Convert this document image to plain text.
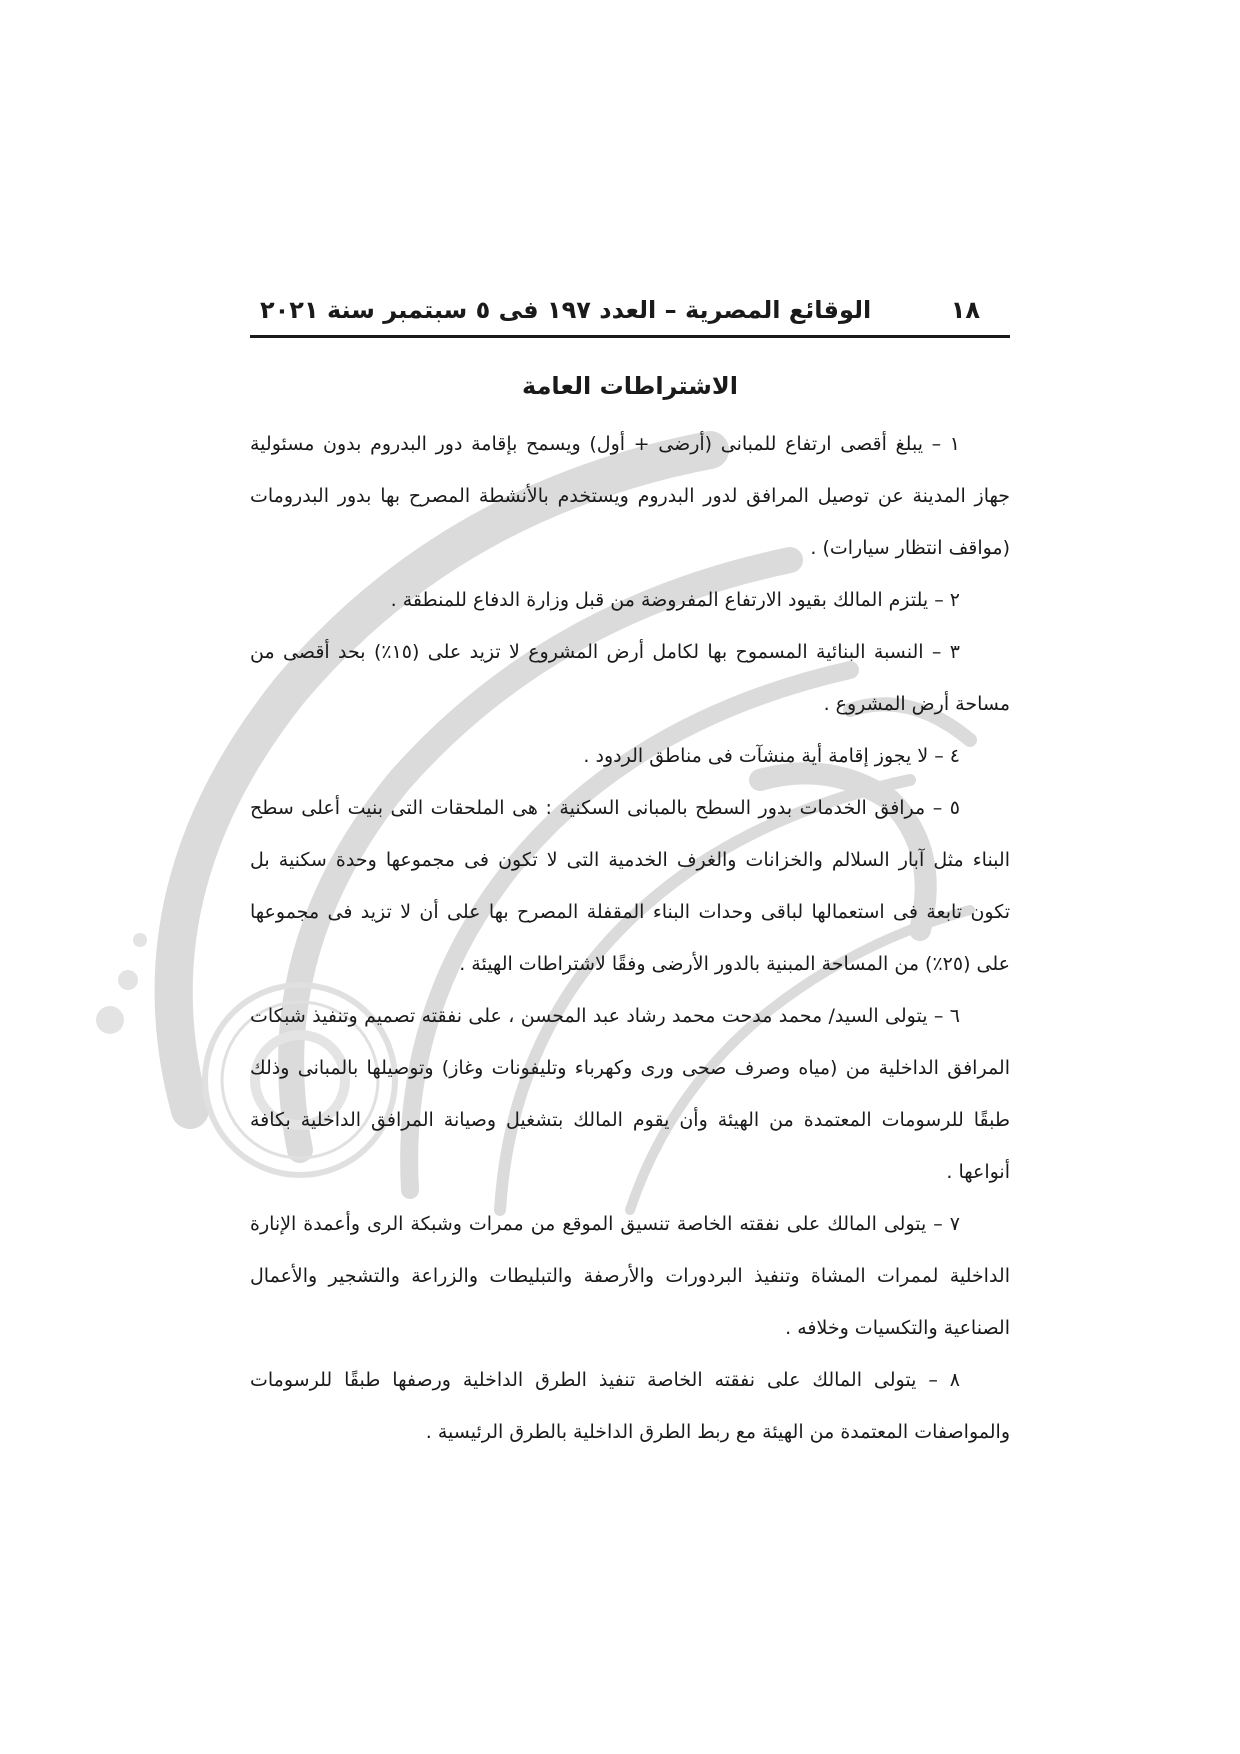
١٨
الوقائع المصرية – العدد ١٩٧ فى ٥ سبتمبر سنة ٢٠٢١
الاشتراطات العامة

١ – يبلغ أقصى ارتفاع للمبانى (أرضى + أول) ويسمح بإقامة دور البدروم بدون مسئولية جهاز المدينة عن توصيل المرافق لدور البدروم ويستخدم بالأنشطة المصرح بها بدور البدرومات (مواقف انتظار سيارات) .

٢ – يلتزم المالك بقيود الارتفاع المفروضة من قبل وزارة الدفاع للمنطقة .

٣ – النسبة البنائية المسموح بها لكامل أرض المشروع لا تزيد على (١٥٪) بحد أقصى من مساحة أرض المشروع .

٤ – لا يجوز إقامة أية منشآت فى مناطق الردود .

٥ – مرافق الخدمات بدور السطح بالمبانى السكنية : هى الملحقات التى بنيت أعلى سطح البناء مثل آبار السلالم والخزانات والغرف الخدمية التى لا تكون فى مجموعها وحدة سكنية بل تكون تابعة فى استعمالها لباقى وحدات البناء المقفلة المصرح بها على أن لا تزيد فى مجموعها على (٢٥٪) من المساحة المبنية بالدور الأرضى وفقًا لاشتراطات الهيئة .

٦ – يتولى السيد/ محمد مدحت محمد رشاد عبد المحسن ، على نفقته تصميم وتنفيذ شبكات المرافق الداخلية من (مياه وصرف صحى ورى وكهرباء وتليفونات وغاز) وتوصيلها بالمبانى وذلك طبقًا للرسومات المعتمدة من الهيئة وأن يقوم المالك بتشغيل وصيانة المرافق الداخلية بكافة أنواعها .

٧ – يتولى المالك على نفقته الخاصة تنسيق الموقع من ممرات وشبكة الرى وأعمدة الإنارة الداخلية لممرات المشاة وتنفيذ البردورات والأرصفة والتبليطات والزراعة والتشجير والأعمال الصناعية والتكسيات وخلافه .

٨ – يتولى المالك على نفقته الخاصة تنفيذ الطرق الداخلية ورصفها طبقًا للرسومات والمواصفات المعتمدة من الهيئة مع ربط الطرق الداخلية بالطرق الرئيسية .
